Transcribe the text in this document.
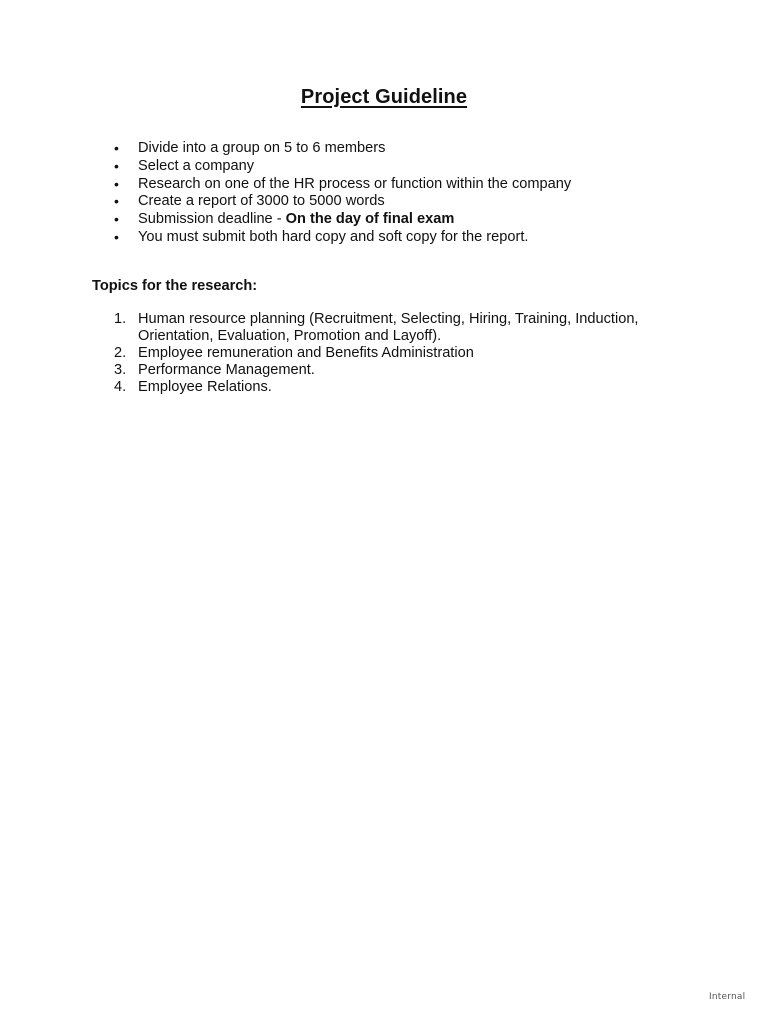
Project Guideline
• Divide into a group on 5 to 6 members
• Select a company
• Research on one of the HR process or function within the company
• Create a report of 3000 to 5000 words
• Submission deadline - On the day of final exam
• You must submit both hard copy and soft copy for the report.
Topics for the research:
1. Human resource planning (Recruitment, Selecting, Hiring, Training, Induction, Orientation, Evaluation, Promotion and Layoff).
2. Employee remuneration and Benefits Administration
3. Performance Management.
4. Employee Relations.
Internal
